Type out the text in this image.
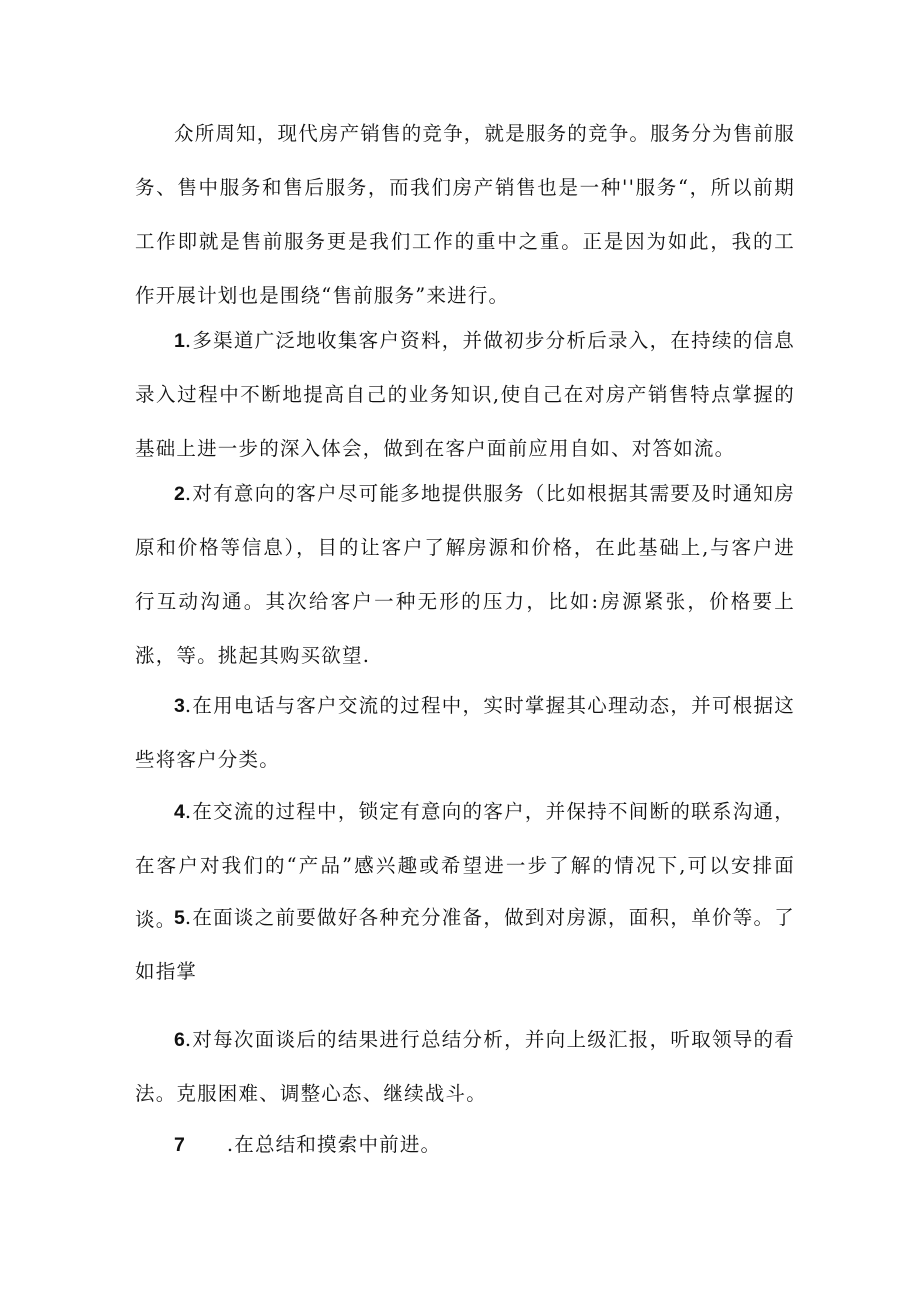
众所周知，现代房产销售的竞争，就是服务的竞争。服务分为售前服务、售中服务和售后服务，而我们房产销售也是一种''服务“，所以前期工作即就是售前服务更是我们工作的重中之重。正是因为如此，我的工作开展计划也是围绕“售前服务”来进行。

1.多渠道广泛地收集客户资料，并做初步分析后录入，在持续的信息录入过程中不断地提高自己的业务知识,使自己在对房产销售特点掌握的基础上进一步的深入体会，做到在客户面前应用自如、对答如流。

2.对有意向的客户尽可能多地提供服务（比如根据其需要及时通知房原和价格等信息），目的让客户了解房源和价格，在此基础上,与客户进行互动沟通。其次给客户一种无形的压力，比如:房源紧张，价格要上涨，等。挑起其购买欲望.

3.在用电话与客户交流的过程中，实时掌握其心理动态，并可根据这些将客户分类。

4.在交流的过程中，锁定有意向的客户，并保持不间断的联系沟通，在客户对我们的“产品”感兴趣或希望进一步了解的情况下,可以安排面谈。

5.在面谈之前要做好各种充分准备，做到对房源，面积，单价等。了如指掌

6.对每次面谈后的结果进行总结分析，并向上级汇报，听取领导的看法。克服困难、调整心态、继续战斗。

7 .在总结和摸索中前进。
